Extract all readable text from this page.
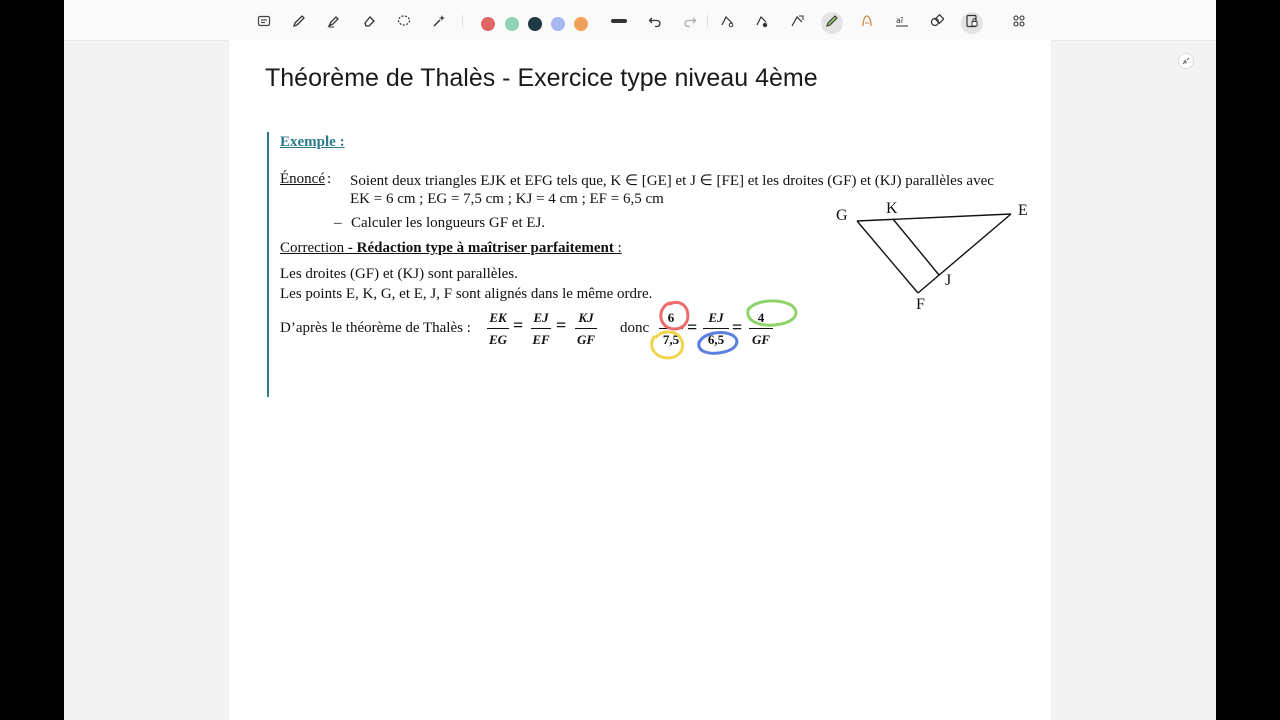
aī
Théorème de Thalès - Exercice type niveau 4ème
Exemple :
Énoncé : Soient deux triangles EJK et EFG tels que, K ∈ [GE] et J ∈ [FE] et les droites (GF) et (KJ) parallèles avec
EK = 6 cm ; EG = 7,5 cm ; KJ = 4 cm ; EF = 6,5 cm
– Calculer les longueurs GF et EJ.
Correction - Rédaction type à maîtriser parfaitement :
Les droites (GF) et (KJ) sont parallèles.
Les points E, K, G, et E, J, F sont alignés dans le même ordre.
D’après le théorème de Thalès :
EK
EG
= EJ
EF
= KJ
GF
donc
6
7,5
= EJ
6,5
=	4
GF
G K	E
J
F
